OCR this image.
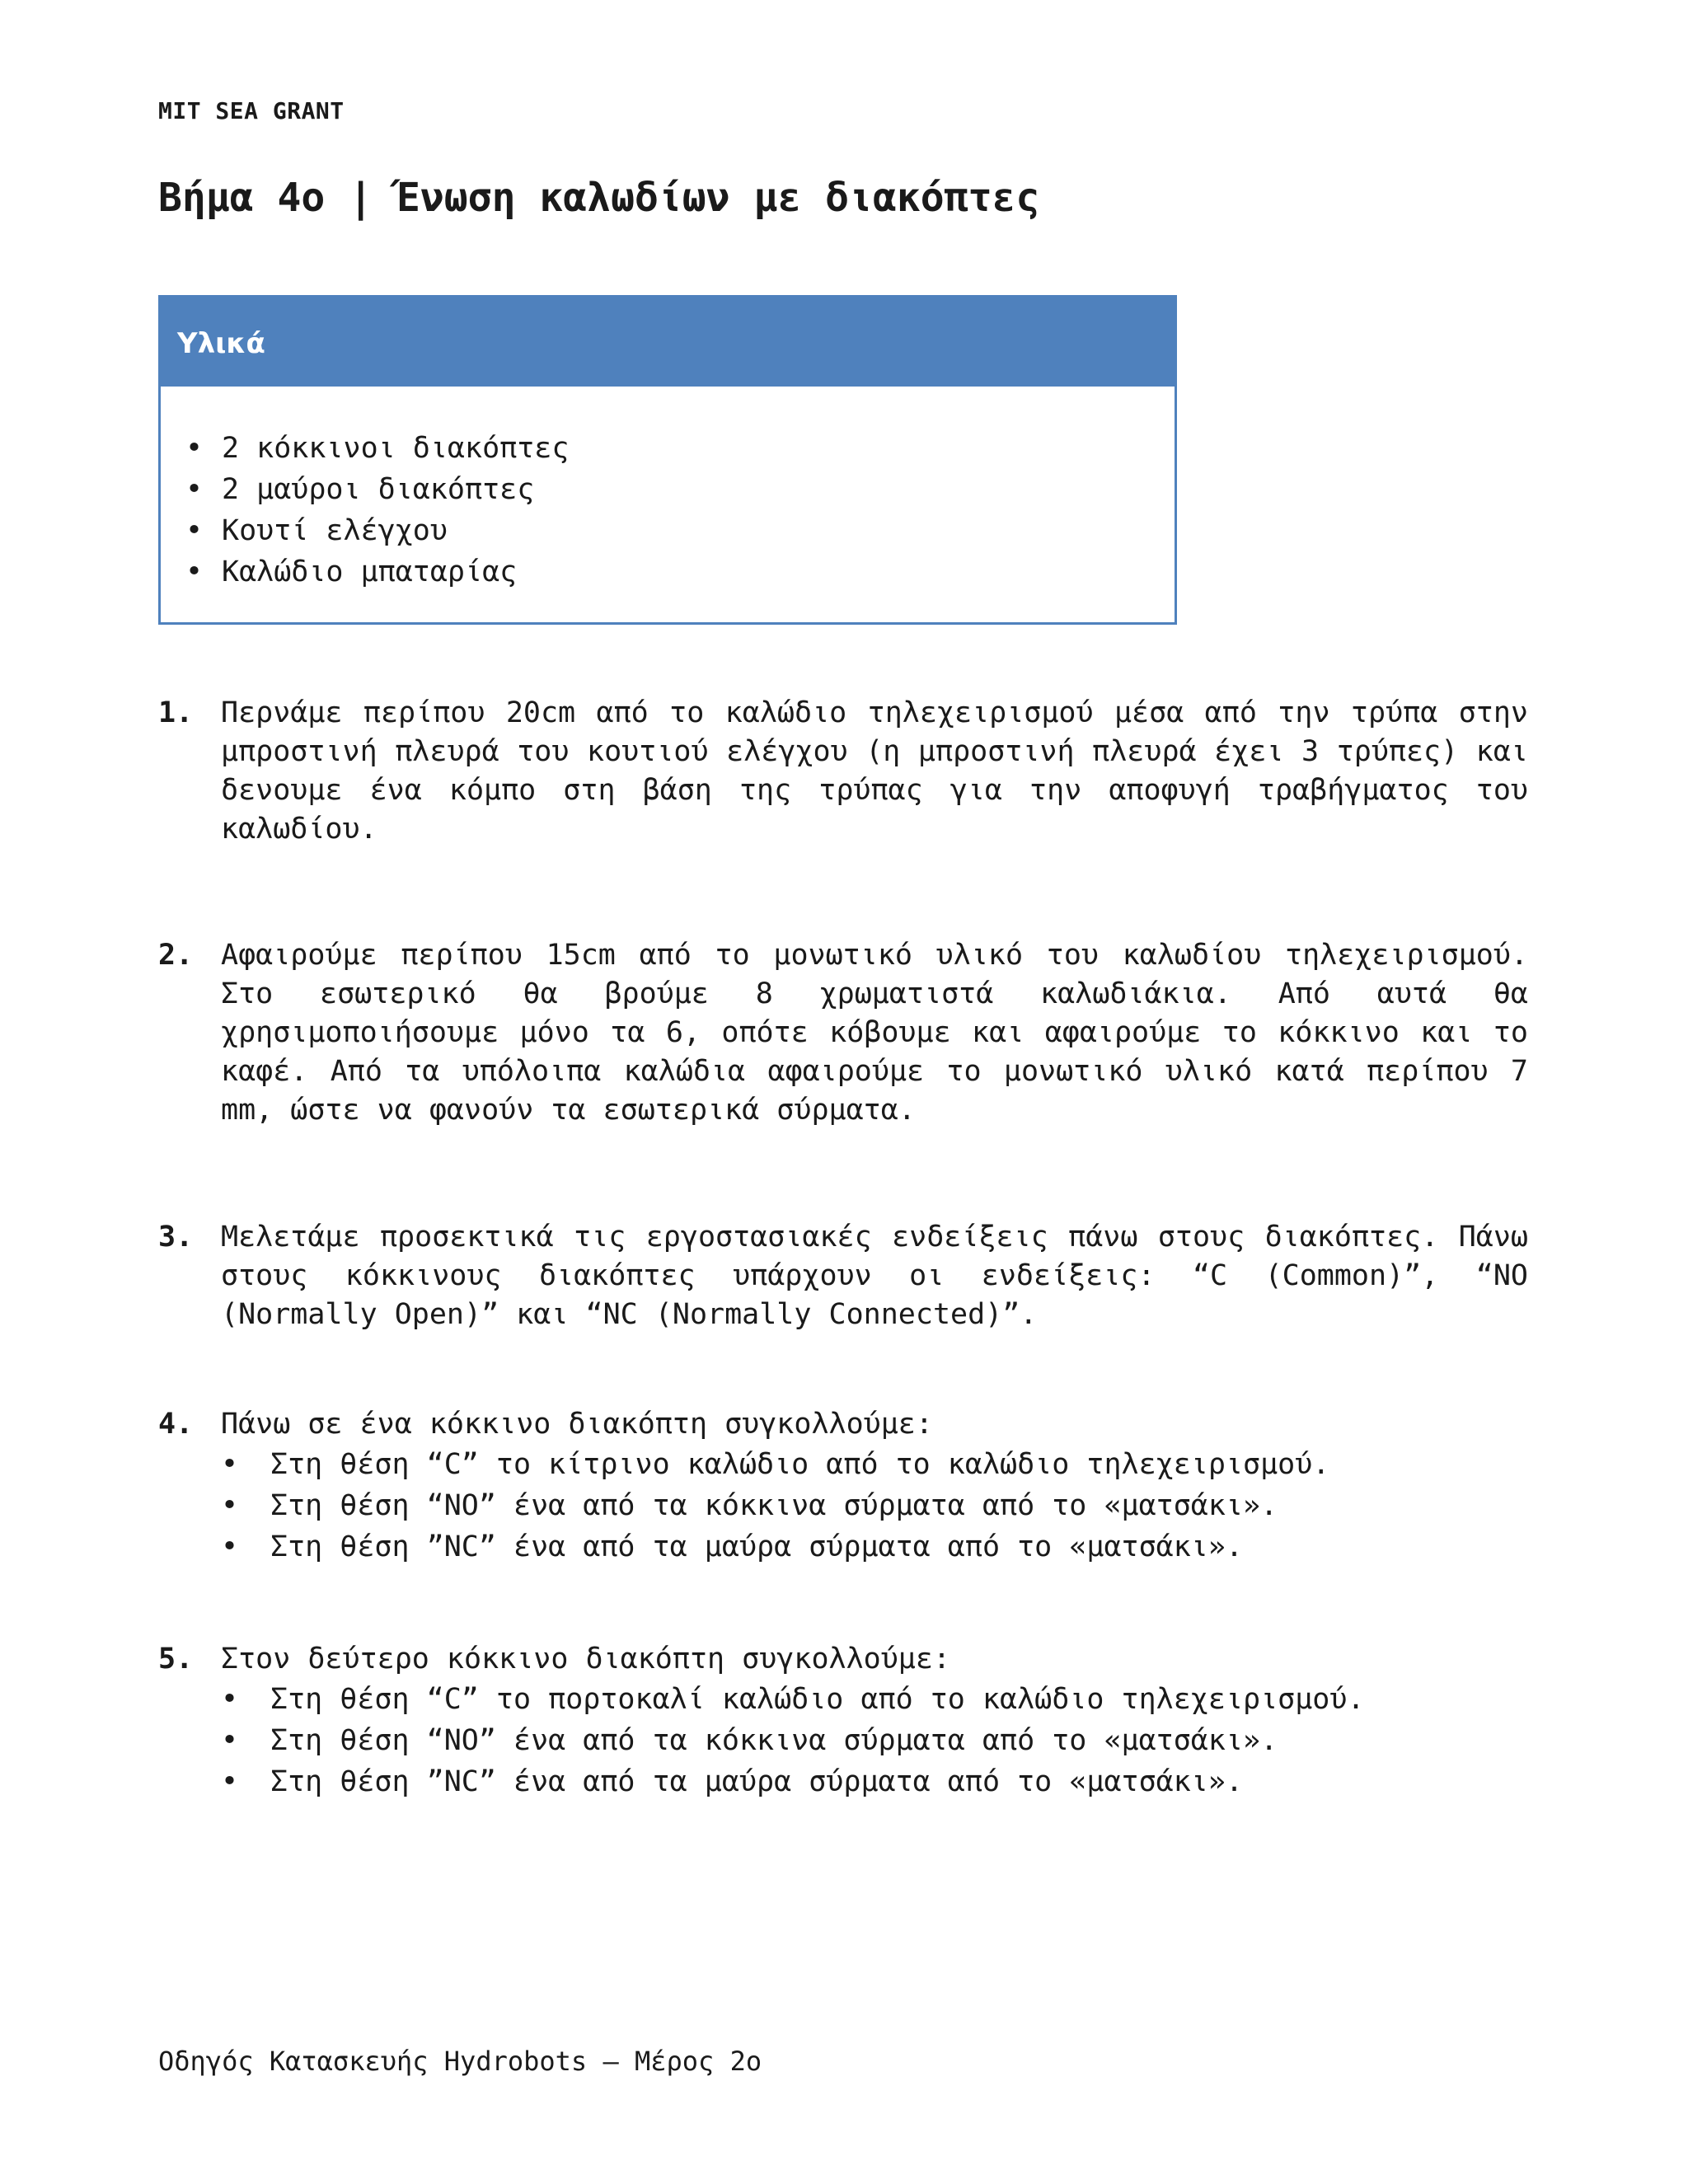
MIT SEA GRANT
Βήμα 4ο | Ένωση καλωδίων με διακόπτες
Υλικά
• 2 κόκκινοι διακόπτες
• 2 μαύροι διακόπτες
• Κουτί ελέγχου
• Καλώδιο μπαταρίας
1. Περνάμε περίπου 20cm από το καλώδιο τηλεχειρισμού μέσα από την τρύπα στην μπροστινή πλευρά του κουτιού ελέγχου (η μπροστινή πλευρά έχει 3 τρύπες) και δενουμε ένα κόμπο στη βάση της τρύπας για την αποφυγή τραβήγματος του καλωδίου.
2. Αφαιρούμε περίπου 15cm από το μονωτικό υλικό του καλωδίου τηλεχειρισμού. Στο εσωτερικό θα βρούμε 8 χρωματιστά καλωδιάκια. Από αυτά θα χρησιμοποιήσουμε μόνο τα 6, οπότε κόβουμε και αφαιρούμε το κόκκινο και το καφέ. Από τα υπόλοιπα καλώδια αφαιρούμε το μονωτικό υλικό κατά περίπου 7 mm, ώστε να φανούν τα εσωτερικά σύρματα.
3. Μελετάμε προσεκτικά τις εργοστασιακές ενδείξεις πάνω στους διακόπτες. Πάνω στους κόκκινους διακόπτες υπάρχουν οι ενδείξεις: “C (Common)”, “NO (Normally Open)” και “NC (Normally Connected)”.
4. Πάνω σε ένα κόκκινο διακόπτη συγκολλούμε:
•	Στη θέση “C” το κίτρινο καλώδιο από το καλώδιο τηλεχειρισμού.
•	Στη θέση “NO” ένα από τα κόκκινα σύρματα από το «ματσάκι».
•	Στη θέση ”NC” ένα από τα μαύρα σύρματα από το «ματσάκι».
5. Στον δεύτερο κόκκινο διακόπτη συγκολλούμε:
•	Στη θέση “C” το πορτοκαλί καλώδιο από το καλώδιο τηλεχειρισμού.
•	Στη θέση “NO” ένα από τα κόκκινα σύρματα από το «ματσάκι».
•	Στη θέση ”NC” ένα από τα μαύρα σύρματα από το «ματσάκι».
Οδηγός Κατασκευής Hydrobots – Μέρος 2ο
